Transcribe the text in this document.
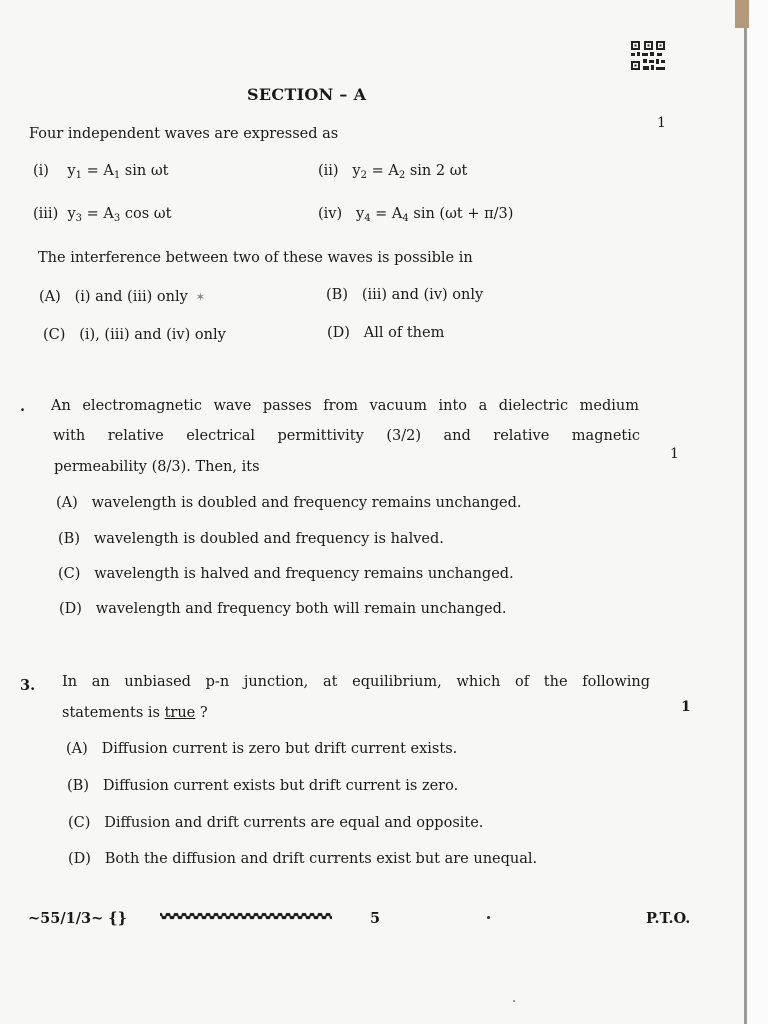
SECTION – A
Four independent waves are expressed as
1
(i) $y_1 = A_1$ sin ωt	(ii) $y_2 = A_2$ sin 2 ωt
(iii) $y_3 = A_3$ cos ωt	(iv) $y_4 = A_4$ sin (ωt + π/3)
The interference between two of these waves is possible in
(A) (i) and (iii) only  ✶	(B) (iii) and (iv) only
(C) (i), (iii) and (iv) only	(D) All of them
. An electromagnetic wave passes from vacuum into a dielectric medium
with relative electrical permittivity (3/2) and relative magnetic
permeability (8/3). Then, its
1
(A) wavelength is doubled and frequency remains unchanged.
(B) wavelength is doubled and frequency is halved.
(C) wavelength is halved and frequency remains unchanged.
(D) wavelength and frequency both will remain unchanged.
3. In an unbiased p-n junction, at equilibrium, which of the following
statements is true ?	1
(A) Diffusion current is zero but drift current exists.
(B) Diffusion current exists but drift current is zero.
(C) Diffusion and drift currents are equal and opposite.
(D) Both the diffusion and drift currents exist but are unequal.
~55/1/3~ {}	5	P.T.O.
